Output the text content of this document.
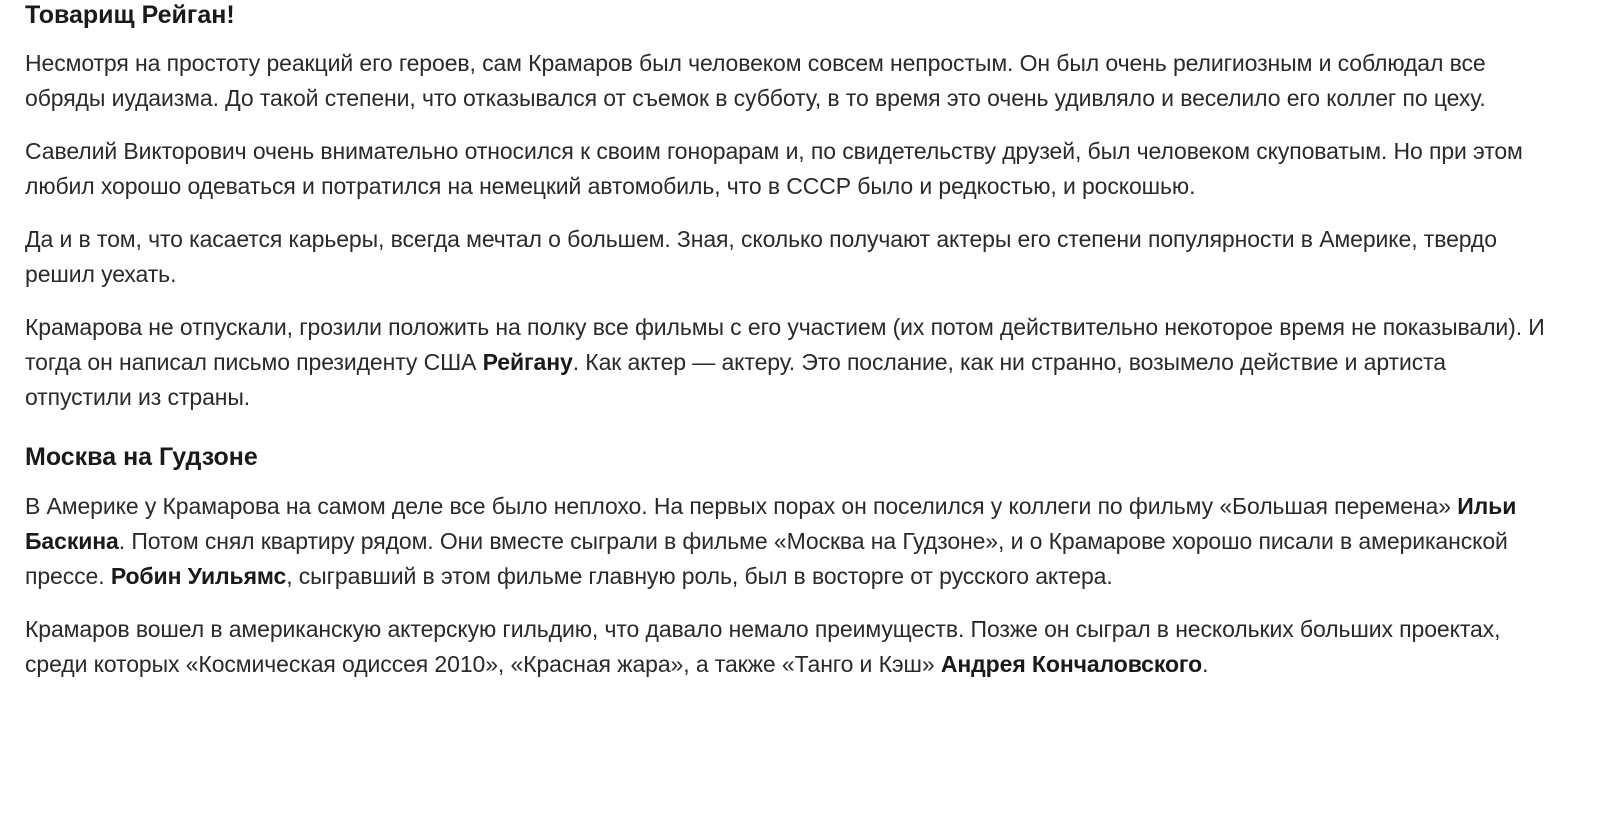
Товарищ Рейган!

Несмотря на простоту реакций его героев, сам Крамаров был человеком совсем непростым. Он был очень религиозным и соблюдал все обряды иудаизма. До такой степени, что отказывался от съемок в субботу, в то время это очень удивляло и веселило его коллег по цеху.

Савелий Викторович очень внимательно относился к своим гонорарам и, по свидетельству друзей, был человеком скуповатым. Но при этом любил хорошо одеваться и потратился на немецкий автомобиль, что в СССР было и редкостью, и роскошью.

Да и в том, что касается карьеры, всегда мечтал о большем. Зная, сколько получают актеры его степени популярности в Америке, твердо решил уехать.

Крамарова не отпускали, грозили положить на полку все фильмы с его участием (их потом действительно некоторое время не показывали). И тогда он написал письмо президенту США Рейгану. Как актер — актеру. Это послание, как ни странно, возымело действие и артиста отпустили из страны.

Москва на Гудзоне

В Америке у Крамарова на самом деле все было неплохо. На первых порах он поселился у коллеги по фильму «Большая перемена» Ильи Баскина. Потом снял квартиру рядом. Они вместе сыграли в фильме «Москва на Гудзоне», и о Крамарове хорошо писали в американской прессе. Робин Уильямс, сыгравший в этом фильме главную роль, был в восторге от русского актера.

Крамаров вошел в американскую актерскую гильдию, что давало немало преимуществ. Позже он сыграл в нескольких больших проектах, среди которых «Космическая одиссея 2010», «Красная жара», а также «Танго и Кэш» Андрея Кончаловского.
